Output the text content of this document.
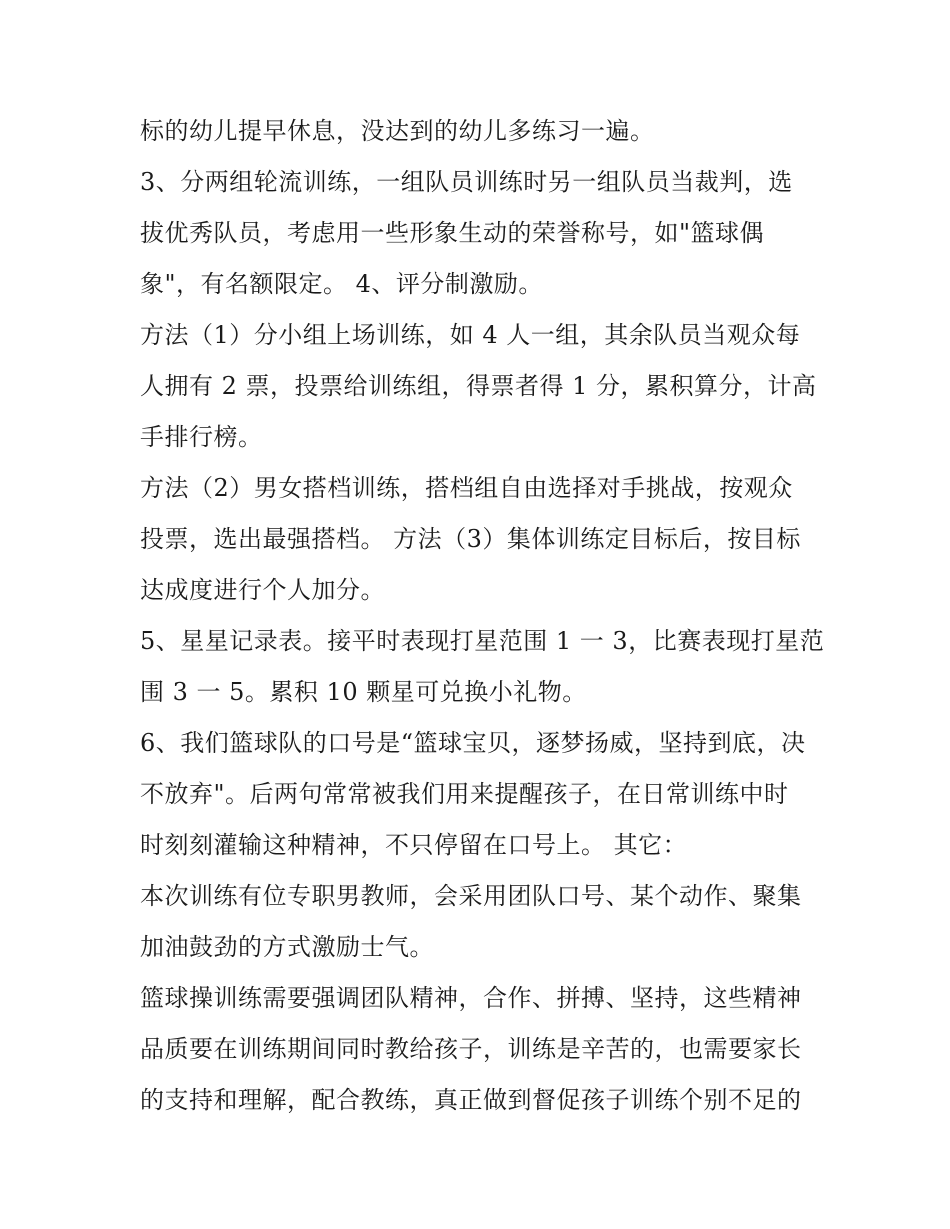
标的幼儿提早休息，没达到的幼儿多练习一遍。
3、分两组轮流训练，一组队员训练时另一组队员当裁判，选
拔优秀队员，考虑用一些形象生动的荣誉称号，如"篮球偶
象"，有名额限定。 4、评分制激励。
方法（1）分小组上场训练，如 4 人一组，其余队员当观众每
人拥有 2 票，投票给训练组，得票者得 1 分，累积算分，计高
手排行榜。
方法（2）男女搭档训练，搭档组自由选择对手挑战，按观众
投票，选出最强搭档。 方法（3）集体训练定目标后，按目标
达成度进行个人加分。
5、星星记录表。接平时表现打星范围 1 一 3，比赛表现打星范
围 3 一 5。累积 10 颗星可兑换小礼物。
6、我们篮球队的口号是“篮球宝贝，逐梦扬威，坚持到底，决
不放弃"。后两句常常被我们用来提醒孩子，在日常训练中时
时刻刻灌输这种精神，不只停留在口号上。 其它：
本次训练有位专职男教师，会采用团队口号、某个动作、聚集
加油鼓劲的方式激励士气。
篮球操训练需要强调团队精神，合作、拼搏、坚持，这些精神
品质要在训练期间同时教给孩子，训练是辛苦的，也需要家长
的支持和理解，配合教练，真正做到督促孩子训练个别不足的
